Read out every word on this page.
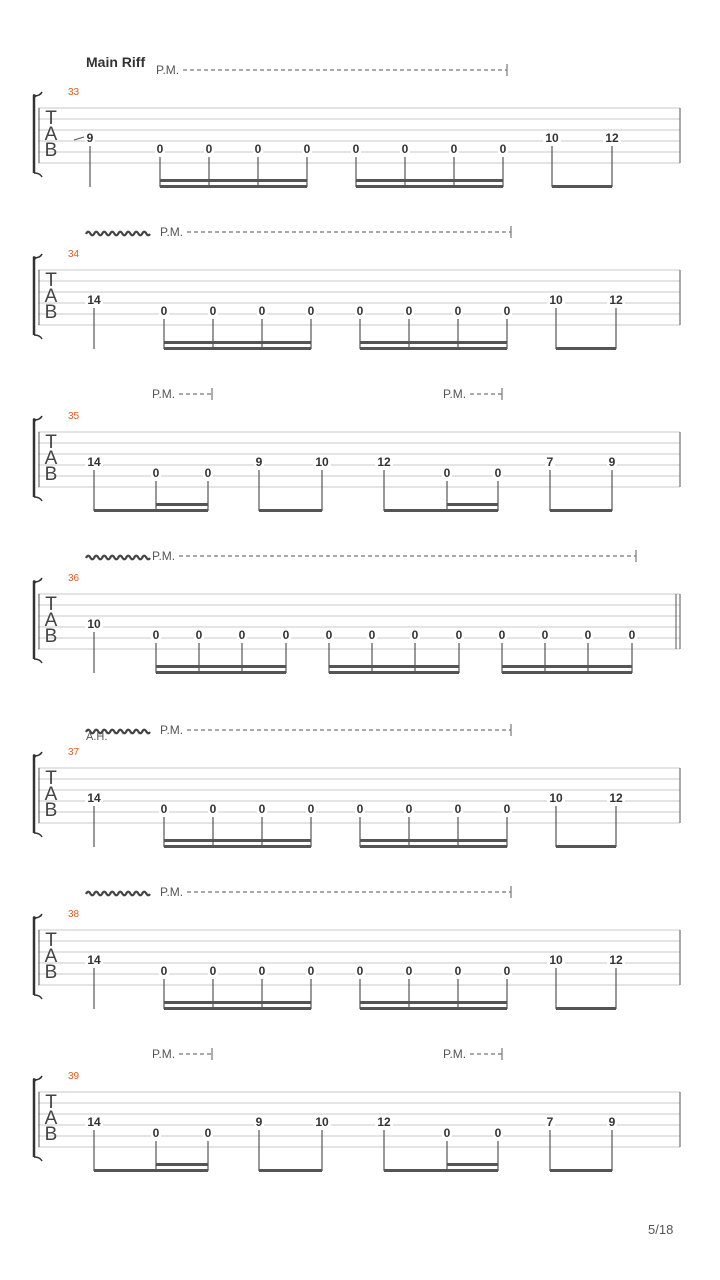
Main Riff
T
A
B
33
P.M.
9
0	0	0	0	0	0	0	0
10	12
T
A
B
34
P.M.
14
0	0	0	0	0	0	0	0
10	12
T
A
B
35
P.M.	P.M.
14
0	0
9	10	12
0	0
7	9
T
A
B
36
P.M.
10
0	0	0	0	0	0	0	0	0	0	0	0
T
A
B
37
P.M.
A.H.
14
0	0	0	0	0	0	0	0
10	12
T
A
B
38
P.M.
14
0	0	0	0	0	0	0	0
10	12
T
A
B
39
P.M.	P.M.
14
0	0
9	10	12
0	0
7	9
5/18
